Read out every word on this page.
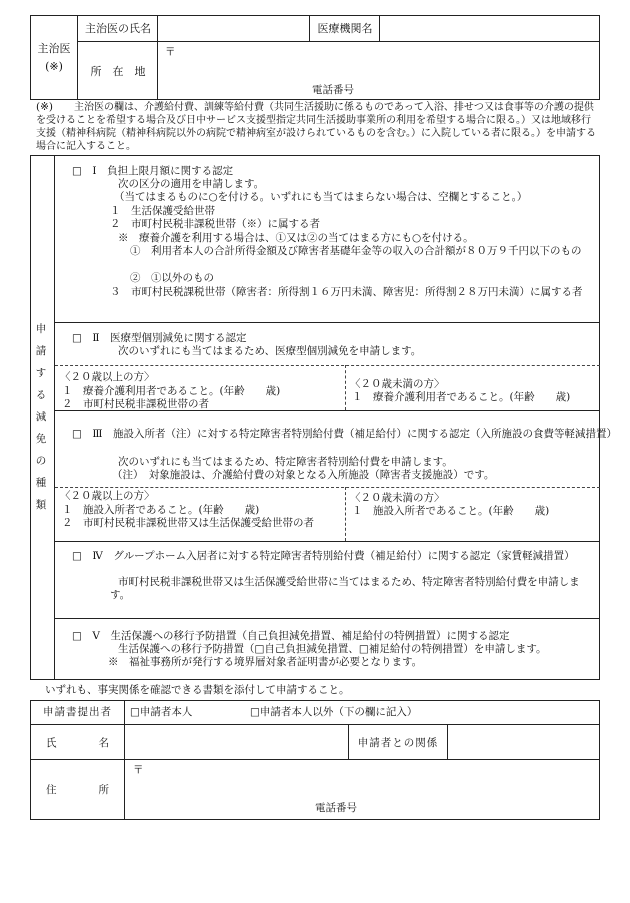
主治医
(※)
主治医の氏名	医療機関名
所　在　地
〒
電話番号
(※)	主治医の欄は、介護給付費、訓練等給付費（共同生活援助に係るものであって入浴、排せつ又は食事等の介護の提供を受けることを希望する場合及び日中サービス支援型指定共同生活援助事業所の利用を希望する場合に限る。）又は地域移行支援（精神科病院（精神科病院以外の病院で精神病室が設けられているものを含む。）に入院している者に限る。）を申請する場合に記入すること。
申請する減免の種類
□　Ⅰ　負担上限月額に関する認定
次の区分の適用を申請します。
（当てはまるものに○を付ける。いずれにも当てはまらない場合は、空欄とすること。）
１　生活保護受給世帯
２　市町村民税非課税世帯（※）に属する者
※　療養介護を利用する場合は、①又は②の当てはまる方にも○を付ける。
①　利用者本人の合計所得金額及び障害者基礎年金等の収入の合計額が８０万９千円以下のもの
②　①以外のもの
３　市町村民税課税世帯（障害者：所得割１６万円未満、障害児：所得割２８万円未満）に属する者
□　Ⅱ　医療型個別減免に関する認定
次のいずれにも当てはまるため、医療型個別減免を申請します。
〈２０歳以上の方〉
１　療養介護利用者であること。(年齢　　歳)
２　市町村民税非課税世帯の者
〈２０歳未満の方〉
１　療養介護利用者であること。(年齢　　歳)
□　Ⅲ　施設入所者（注）に対する特定障害者特別給付費（補足給付）に関する認定（入所施設の食費等軽減措置）
次のいずれにも当てはまるため、特定障害者特別給付費を申請します。
（注）　対象施設は、介護給付費の対象となる入所施設（障害者支援施設）です。
〈２０歳以上の方〉
１　施設入所者であること。(年齢　　歳)
２　市町村民税非課税世帯又は生活保護受給世帯の者
〈２０歳未満の方〉
１　施設入所者であること。(年齢　　歳)
□　Ⅳ　グループホーム入居者に対する特定障害者特別給付費（補足給付）に関する認定（家賃軽減措置）
市町村民税非課税世帯又は生活保護受給世帯に当てはまるため、特定障害者特別給付費を申請します。
□　Ⅴ　生活保護への移行予防措置（自己負担減免措置、補足給付の特例措置）に関する認定
生活保護への移行予防措置（□自己負担減免措置、□補足給付の特例措置）を申請します。
※　福祉事務所が発行する境界層対象者証明書が必要となります。
いずれも、事実関係を確認できる書類を添付して申請すること。
申請書提出者	□申請者本人	□申請者本人以外（下の欄に記入）
氏　　　　名	申請者との関係
住　　　　所
〒
電話番号
